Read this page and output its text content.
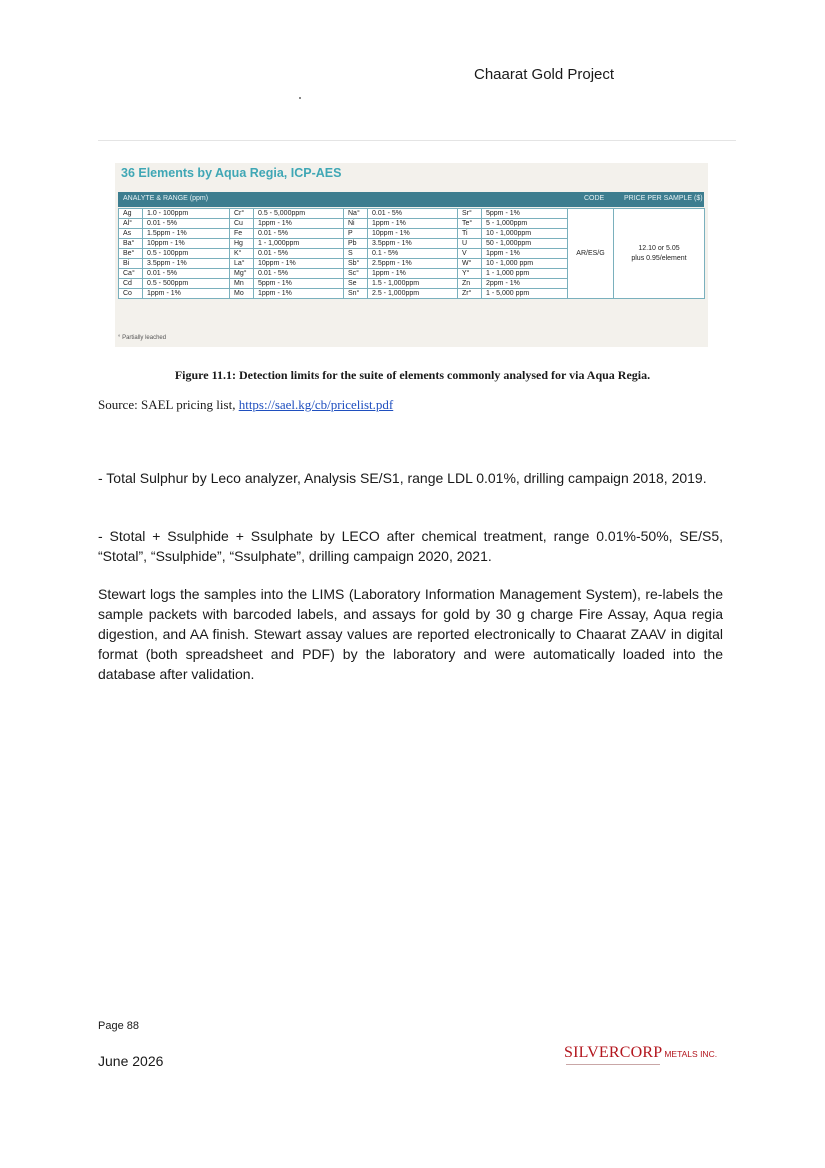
Chaarat Gold Project
36 Elements by Aqua Regia, ICP-AES
ANALYTE & RANGE (ppm)	CODE	PRICE PER SAMPLE ($)
Ag	1.0 - 100ppm	Cr°	0.5 - 5,000ppm	Na°	0.01 - 5%	Sr°	5ppm - 1%	AR/ES/G	12.10 or 5.05
plus 0.95/element

Al°	0.01 - 5%	Cu	1ppm - 1%	Ni	1ppm - 1%	Te°	5 - 1,000ppm		
As	1.5ppm - 1%	Fe	0.01 - 5%	P	10ppm - 1%	Ti	10 - 1,000ppm		
Ba°	10ppm - 1%	Hg	1 - 1,000ppm	Pb	3.5ppm - 1%	U	50 - 1,000ppm		
Be°	0.5 - 100ppm	K°	0.01 - 5%	S	0.1 - 5%	V	1ppm - 1%		
Bi	3.5ppm - 1%	La°	10ppm - 1%	Sb°	2.5ppm - 1%	W°	10 - 1,000 ppm		
Ca°	0.01 - 5%	Mg°	0.01 - 5%	Sc°	1ppm - 1%	Y°	1 - 1,000 ppm		
Cd	0.5 - 500ppm	Mn	5ppm - 1%	Se	1.5 - 1,000ppm	Zn	2ppm - 1%		
Co	1ppm - 1%	Mo	1ppm - 1%	Sn°	2.5 - 1,000ppm	Zr°	1 - 5,000 ppm		
° Partially leached
Figure 11.1: Detection limits for the suite of elements commonly analysed for via Aqua Regia.
Source: SAEL pricing list, https://sael.kg/cb/pricelist.pdf
- Total Sulphur by Leco analyzer, Analysis SE/S1, range LDL 0.01%, drilling campaign 2018, 2019.
- Stotal + Ssulphide + Ssulphate by LECO after chemical treatment, range 0.01%-50%, SE/S5, “Stotal”, “Ssulphide”, “Ssulphate”, drilling campaign 2020, 2021.
Stewart logs the samples into the LIMS (Laboratory Information Management System), re-labels the sample packets with barcoded labels, and assays for gold by 30 g charge Fire Assay, Aqua regia digestion, and AA finish. Stewart assay values are reported electronically to Chaarat ZAAV in digital format (both spreadsheet and PDF) by the laboratory and were automatically loaded into the database after validation.
Page 88
June 2026	SILVERCORP METALS INC.
